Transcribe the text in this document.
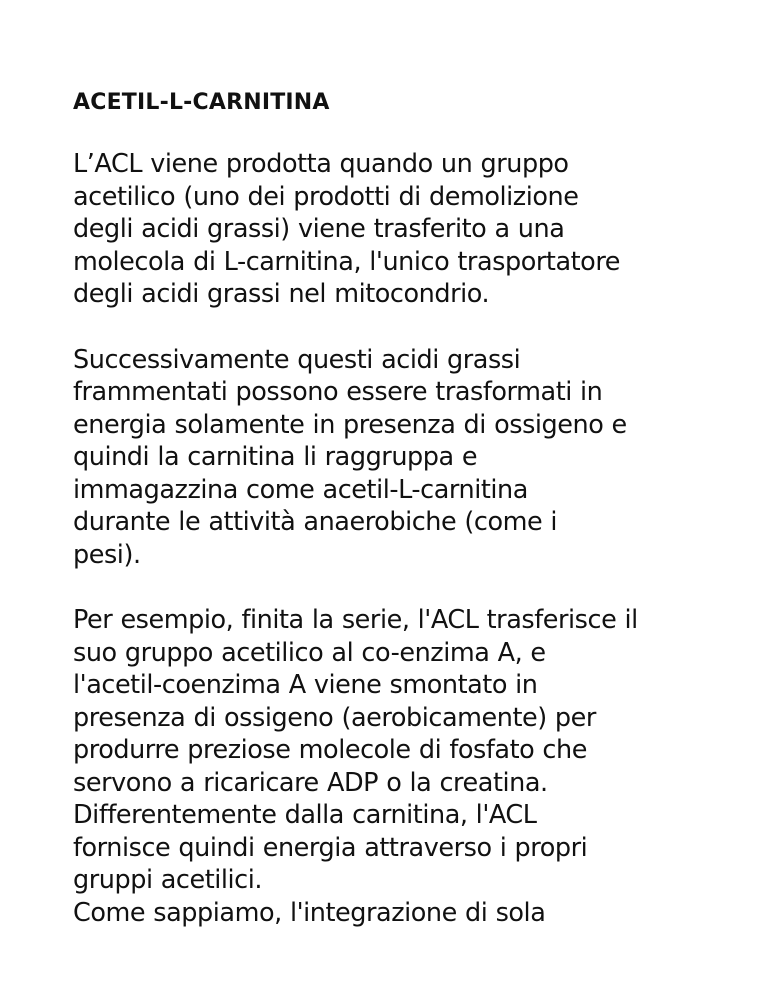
ACETIL-L-CARNITINA

L’ACL viene prodotta quando un gruppo
acetilico (uno dei prodotti di demolizione
degli acidi grassi) viene trasferito a una
molecola di L-carnitina, l'unico trasportatore
degli acidi grassi nel mitocondrio.

Successivamente questi acidi grassi
frammentati possono essere trasformati in
energia solamente in presenza di ossigeno e
quindi la carnitina li raggruppa e
immagazzina come acetil-L-carnitina
durante le attività anaerobiche (come i
pesi).

Per esempio, finita la serie, l'ACL trasferisce il
suo gruppo acetilico al co-enzima A, e
l'acetil-coenzima A viene smontato in
presenza di ossigeno (aerobicamente) per
produrre preziose molecole di fosfato che
servono a ricaricare ADP o la creatina.
Differentemente dalla carnitina, l'ACL
fornisce quindi energia attraverso i propri
gruppi acetilici.
Come sappiamo, l'integrazione di sola
